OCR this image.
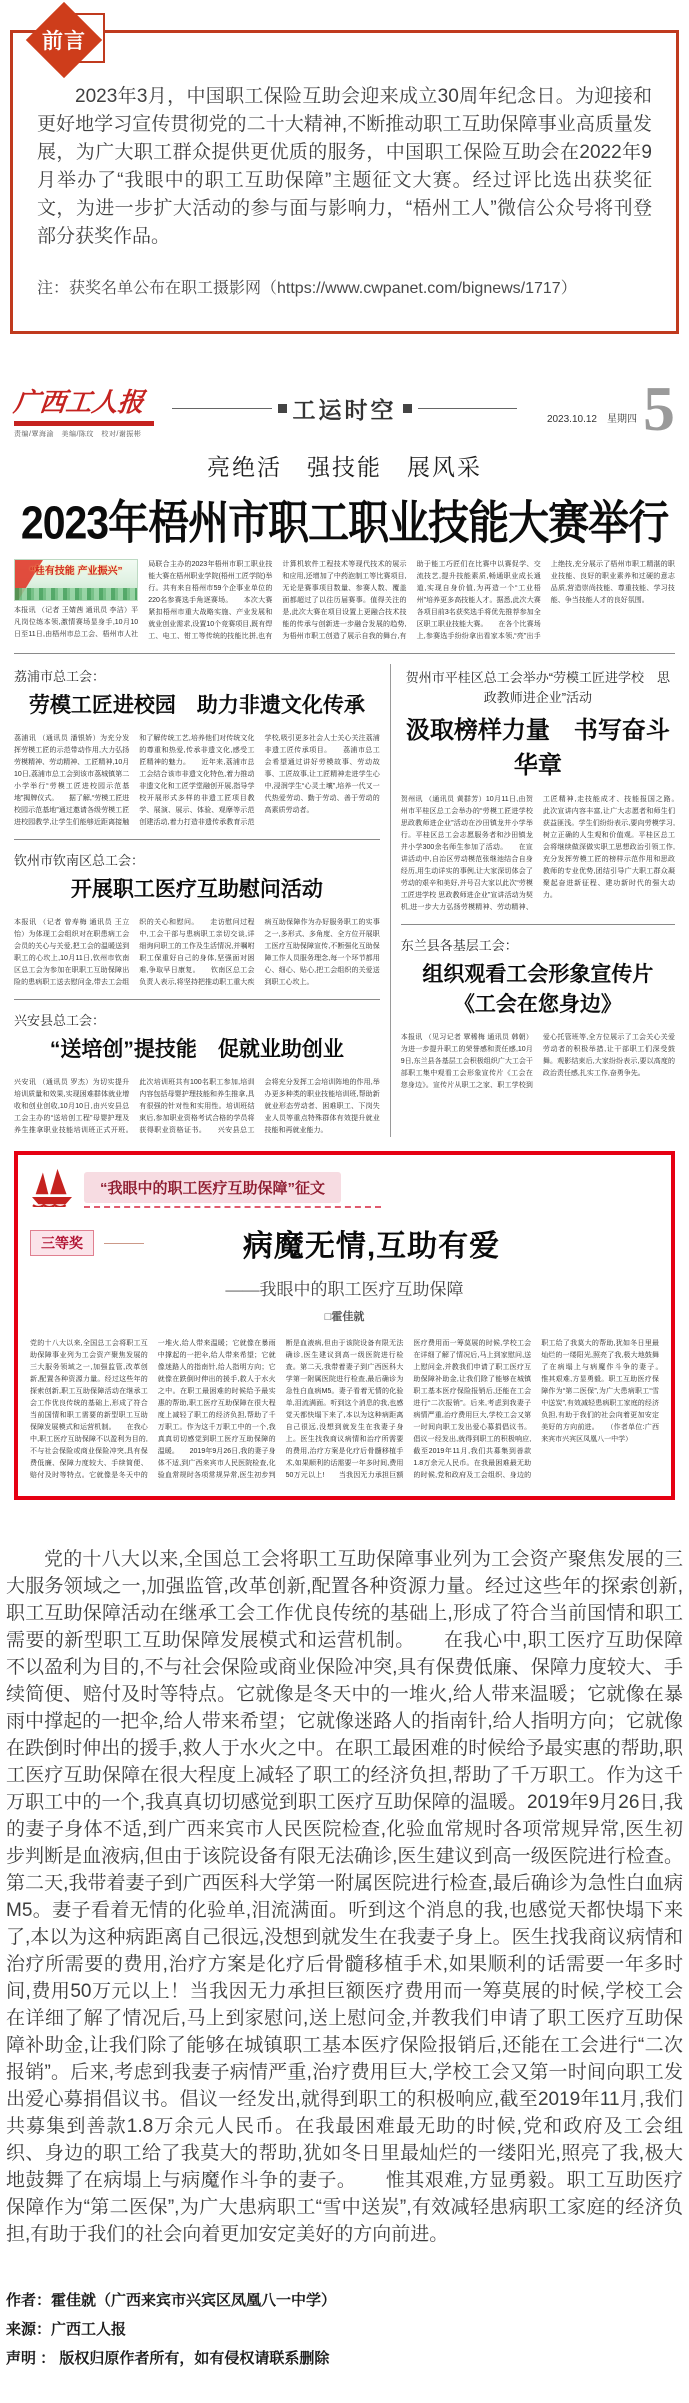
前言

2023年3月，中国职工保险互助会迎来成立30周年纪念日。为迎接和更好地学习宣传贯彻党的二十大精神,不断推动职工互助保障事业高质量发展，为广大职工群众提供更优质的服务，中国职工保险互助会在2022年9月举办了“我眼中的职工互助保障”主题征文大赛。经过评比选出获奖征文，为进一步扩大活动的参与面与影响力，“梧州工人”微信公众号将刊登部分获奖作品。

注：获奖名单公布在职工摄影网（https://www.cwpanet.com/bignews/1717）

广西工人报
责编/覃海渝　美编/陈玟　校对/谢振彬
工运时空	2023.10.12　星期四 5
亮绝活　强技能　展风采
2023年梧州市职工职业技能大赛举行
“桂有技能 产业振兴”

本报讯 （记者 王婧茜 通讯员 李洁）平凡岗位练本领,激情赛场显身手,10月10日至11日,由梧州市总工会、梧州市人社局联合主办的2023年梧州市职工职业技能大赛在梧州职业学院(梧州工匠学院)举行。共有来自梧州市59个企事业单位的220名参赛选手角逐赛场。　　本次大赛紧扣梧州市重大战略实施、产业发展和就业创业需求,设置10个竞赛项目,既有焊工、电工、钳工等传统的技能比拼,也有计算机软件工程技术等现代技术的展示和应用,还增加了中药泡制工等比赛项目,无论是赛事项目数量、参赛人数、覆盖面都超过了以往历届赛事。值得关注的是,此次大赛在项目设置上更融合技术技能的传承与创新进一步融合发展的趋势,为梧州市职工创造了展示自我的舞台,有助于能工巧匠们在比赛中以赛促学、交流技艺,提升技能素质,畅通职业成长通道,实现自身价值,为再造一个“工业梧州”培养更多高技能人才。据悉,此次大赛各项目前3名获奖选手将优先推荐参加全区职工职业技能大赛。　　在各个比赛场上,参赛选手纷纷拿出看家本领,“亮”出手上绝技,充分展示了梧州市职工精湛的职业技能、良好的职业素养和过硬的意志品质,营造崇尚技能、尊重技能、学习技能、争当技能人才的良好氛围。

荔浦市总工会：
劳模工匠进校园　助力非遗文化传承

荔浦讯 （通讯员 潘银娇）为充分发挥劳模工匠的示范带动作用,大力弘扬劳模精神、劳动精神、工匠精神,10月10日,荔浦市总工会到该市荔城镇第二小学举行“劳模工匠进校园示范基地”揭牌仪式。　　据了解,“劳模工匠进校园示范基地”通过邀请各级劳模工匠进校园教学,让学生们能够近距离接触和了解传统工艺,培养他们对传统文化的尊重和热爱,传承非遗文化,感受工匠精神的魅力。　　近年来,荔浦市总工会结合该市非遗文化特色,着力推动非遗文化和工匠学堂融创开展,指导学校开展形式多样的非遗工匠项目教学、展演、展示、体验、观摩等示范创建活动,着力打造非遗传承教育示范学校,吸引更多社会人士关心关注荔浦非遗工匠传承项目。　　荔浦市总工会希望通过讲好劳模故事、劳动故事、工匠故事,让工匠精神走进学生心中,浸润学生“心灵土壤”,培养一代又一代热爱劳动、勤于劳动、善于劳动的高素质劳动者。

钦州市钦南区总工会：
开展职工医疗互助慰问活动

本报讯 （记者 曾寿梅 通讯员 王立怡）为体现工会组织对在职患病工会会员的关心与关爱,把工会的温暖送到职工的心坎上,10月11日,钦州市钦南区总工会为参加在职职工互助保障出险的患病职工送去慰问金,带去工会组织的关心和慰问。　　走访慰问过程中,工会干部与患病职工亲切交谈,详细询问职工的工作及生活情况,并嘱咐职工保重好自己的身体,坚强面对困难,争取早日康复。　　钦南区总工会负责人表示,将坚持把推动职工重大疾病互助保障作为办好服务职工的实事之一,多形式、多角度、全方位开展职工医疗互助保障宣传,不断强化互助保障工作人员服务理念,每一个环节都用心、细心、贴心,把工会组织的关爱送到职工心坎上。

兴安县总工会：
“送培创”提技能　促就业助创业

兴安讯 （通讯员 罗杰）为切实提升培训质量和效果,实现困难群体就业增收和创业创收,10月10日,由兴安县总工会主办的“送培创工程”母婴护理及养生推拿职业技能培训班正式开班。　　此次培训班共有100名职工参加,培训内容包括母婴护理技能和养生推拿,具有很强的针对性和实用性。培训班结束后,参加职业资格考试合格的学员将获得职业资格证书。　　兴安县总工会将充分发挥工会培训阵地的作用,举办更多种类的职业技能培训班,帮助新就业形态劳动者、困难职工、下岗失业人员等重点特殊群体有效提升就业技能和再就业能力。

贺州市平桂区总工会举办“劳模工匠进学校　思政教师进企业”活动
汲取榜样力量　书写奋斗华章

贺州讯 （通讯员 黄群芳）10月11日,由贺州市平桂区总工会举办的“劳模工匠进学校 思政教师进企业”活动在沙田镇龙井小学举行。平桂区总工会志愿服务者和沙田镇龙井小学300余名师生参加了活动。　　在宣讲活动中,自治区劳动模范张继池结合自身经历,用生动详实的事例,让大家深切体会了劳动的艰辛和美好,并号召大家以此次“劳模工匠进学校 思政教师进企业”宣讲活动为契机,进一步大力弘扬劳模精神、劳动精神、工匠精神,走技能成才、技能报国之路。　　此次宣讲内容丰富,让广大志愿者和师生们获益匪浅。学生们纷纷表示,要向劳模学习,树立正确的人生观和价值观。平桂区总工会将继续做深做实职工思想政治引领工作,充分发挥劳模工匠的榜样示范作用和思政教师的专业优势,团结引导广大职工群众凝聚起奋进新征程、建功新时代的强大动力。

东兰县各基层工会：
组织观看工会形象宣传片 《工会在您身边》

本报讯 （见习记者 覃稀梅 通讯员 韩朝）为进一步提升职工的荣誉感和责任感,10月9日,东兰县各基层工会积极组织广大工会干部职工集中观看工会形象宣传片《工会在您身边》。宣传片从职工之家、职工学校到爱心托管班等,全方位展示了工会关心关爱劳动者的积极举措,让干部职工们深受鼓舞。观影结束后,大家纷纷表示,要以高度的政治责任感,扎实工作,奋勇争先。

“我眼中的职工医疗互助保障”征文
三等奖	病魔无情,互助有爱
——我眼中的职工医疗互助保障
□霍佳就

党的十八大以来,全国总工会将职工互助保障事业列为工会资产聚焦发展的三大服务领域之一,加强监管,改革创新,配置各种资源力量。经过这些年的探索创新,职工互助保障活动在继承工会工作优良传统的基础上,形成了符合当前国情和职工需要的新型职工互助保障发展模式和运营机制。　　在我心中,职工医疗互助保障不以盈利为目的,不与社会保险或商业保险冲突,具有保费低廉、保障力度较大、手续简便、赔付及时等特点。它就像是冬天中的一堆火,给人带来温暖；它就像在暴雨中撑起的一把伞,给人带来希望；它就像迷路人的指南针,给人指明方向；它就像在跌倒时伸出的援手,救人于水火之中。在职工最困难的时候给予最实惠的帮助,职工医疗互助保障在很大程度上减轻了职工的经济负担,帮助了千万职工。作为这千万职工中的一个,我真真切切感觉到职工医疗互助保障的温暖。　　2019年9月26日,我的妻子身体不适,到广西来宾市人民医院检查,化验血常规时各项常规异常,医生初步判断是血液病,但由于该院设备有限无法确诊,医生建议到高一级医院进行检查。第二天,我带着妻子到广西医科大学第一附属医院进行检查,最后确诊为急性白血病M5。妻子看着无情的化验单,泪流满面。听到这个消息的我,也感觉天都快塌下来了,本以为这种病距离自己很远,没想到就发生在我妻子身上。医生找我商议病情和治疗所需要的费用,治疗方案是化疗后骨髓移植手术,如果顺利的话需要一年多时间,费用50万元以上!　　当我因无力承担巨额医疗费用而一筹莫展的时候,学校工会在详细了解了情况后,马上到家慰问,送上慰问金,并教我们申请了职工医疗互助保障补助金,让我们除了能够在城镇职工基本医疗保险报销后,还能在工会进行“二次报销”。后来,考虑到我妻子病情严重,治疗费用巨大,学校工会又第一时间向职工发出爱心募捐倡议书。倡议一经发出,就得到职工的积极响应,截至2019年11月,我们共募集到善款1.8万余元人民币。在我最困难最无助的时候,党和政府及工会组织、身边的职工给了我莫大的帮助,犹如冬日里最灿烂的一缕阳光,照亮了我,极大地鼓舞了在病塌上与病魔作斗争的妻子。　　惟其艰难,方显勇毅。职工互助医疗保障作为“第二医保”,为广大患病职工“雪中送炭”,有效减轻患病职工家庭的经济负担,有助于我们的社会向着更加安定美好的方向前进。　　（作者单位:广西来宾市兴宾区凤凰八一中学）

党的十八大以来,全国总工会将职工互助保障事业列为工会资产聚焦发展的三大服务领域之一,加强监管,改革创新,配置各种资源力量。经过这些年的探索创新,职工互助保障活动在继承工会工作优良传统的基础上,形成了符合当前国情和职工需要的新型职工互助保障发展模式和运营机制。　　在我心中,职工医疗互助保障不以盈利为目的,不与社会保险或商业保险冲突,具有保费低廉、保障力度较大、手续简便、赔付及时等特点。它就像是冬天中的一堆火,给人带来温暖；它就像在暴雨中撑起的一把伞,给人带来希望；它就像迷路人的指南针,给人指明方向；它就像在跌倒时伸出的援手,救人于水火之中。在职工最困难的时候给予最实惠的帮助,职工医疗互助保障在很大程度上减轻了职工的经济负担,帮助了千万职工。作为这千万职工中的一个,我真真切切感觉到职工医疗互助保障的温暖。2019年9月26日,我的妻子身体不适,到广西来宾市人民医院检查,化验血常规时各项常规异常,医生初步判断是血液病,但由于该院设备有限无法确诊,医生建议到高一级医院进行检查。第二天,我带着妻子到广西医科大学第一附属医院进行检查,最后确诊为急性白血病M5。妻子看着无情的化验单,泪流满面。听到这个消息的我,也感觉天都快塌下来了,本以为这种病距离自己很远,没想到就发生在我妻子身上。医生找我商议病情和治疗所需要的费用,治疗方案是化疗后骨髓移植手术,如果顺利的话需要一年多时间,费用50万元以上！当我因无力承担巨额医疗费用而一筹莫展的时候,学校工会在详细了解了情况后,马上到家慰问,送上慰问金,并教我们申请了职工医疗互助保障补助金,让我们除了能够在城镇职工基本医疗保险报销后,还能在工会进行“二次报销”。后来,考虑到我妻子病情严重,治疗费用巨大,学校工会又第一时间向职工发出爱心募捐倡议书。倡议一经发出,就得到职工的积极响应,截至2019年11月,我们共募集到善款1.8万余元人民币。在我最困难最无助的时候,党和政府及工会组织、身边的职工给了我莫大的帮助,犹如冬日里最灿烂的一缕阳光,照亮了我,极大地鼓舞了在病塌上与病魔作斗争的妻子。　　惟其艰难,方显勇毅。职工互助医疗保障作为“第二医保”,为广大患病职工“雪中送炭”,有效减轻患病职工家庭的经济负担,有助于我们的社会向着更加安定美好的方向前进。

作者：霍佳就（广西来宾市兴宾区凤凰八一中学）
来源：广西工人报
声明 ： 版权归原作者所有，如有侵权请联系删除
